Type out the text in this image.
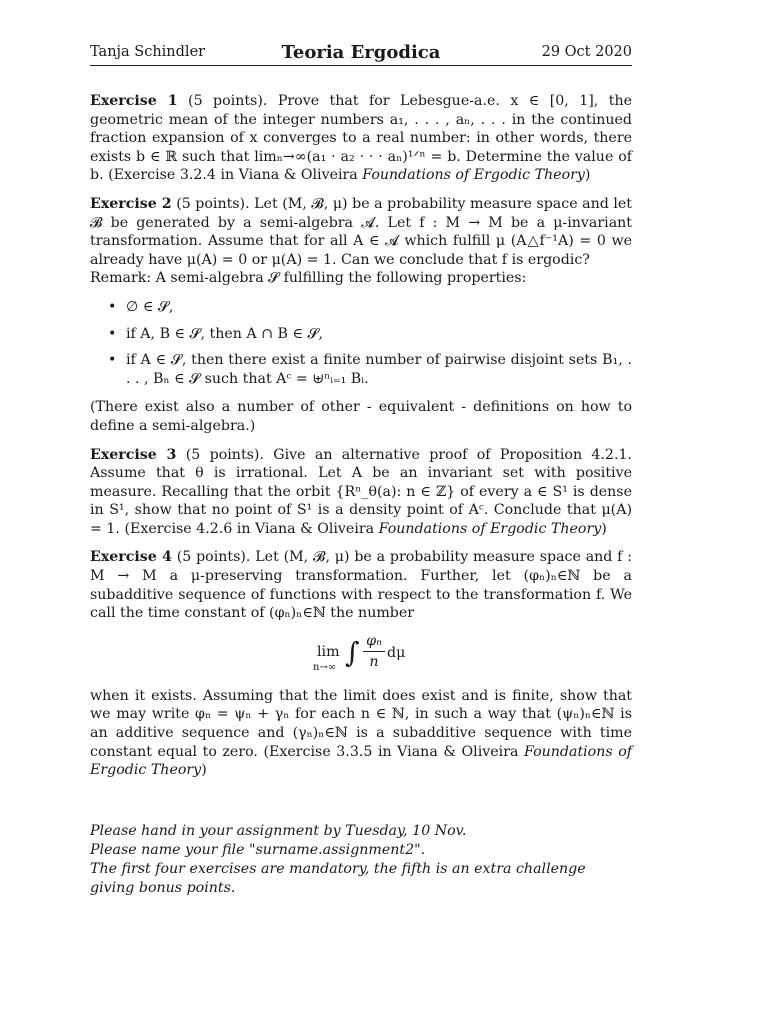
Tanja Schindler	Teoria Ergodica	29 Oct 2020

Exercise 1 (5 points). Prove that for Lebesgue-a.e. x ∈ [0, 1], the geometric mean of the integer numbers a₁, . . . , aₙ, . . . in the continued fraction expansion of x converges to a real number: in other words, there exists b ∈ ℝ such that limₙ→∞(a₁ · a₂ · · · aₙ)¹ᐟⁿ = b. Determine the value of b. (Exercise 3.2.4 in Viana & Oliveira Foundations of Ergodic Theory)

Exercise 2 (5 points). Let (M, 𝓑, μ) be a probability measure space and let 𝓑 be generated by a semi-algebra 𝓐. Let f : M → M be a μ-invariant transformation. Assume that for all A ∈ 𝓐 which fulfill μ (A△f⁻¹A) = 0 we already have μ(A) = 0 or μ(A) = 1. Can we conclude that f is ergodic?

Remark: A semi-algebra 𝓢 fulfilling the following properties:

• ∅ ∈ 𝓢,
• if A, B ∈ 𝓢, then A ∩ B ∈ 𝓢,
• if A ∈ 𝓢, then there exist a finite number of pairwise disjoint sets B₁, . . . , Bₙ ∈ 𝓢 such that Aᶜ = ⊎ⁿᵢ₌₁ Bᵢ.

(There exist also a number of other - equivalent - definitions on how to define a semi-algebra.)

Exercise 3 (5 points). Give an alternative proof of Proposition 4.2.1. Assume that θ is irrational. Let A be an invariant set with positive measure. Recalling that the orbit {Rⁿ_θ(a): n ∈ ℤ} of every a ∈ S¹ is dense in S¹, show that no point of S¹ is a density point of Aᶜ. Conclude that μ(A) = 1. (Exercise 4.2.6 in Viana & Oliveira Foundations of Ergodic Theory)

Exercise 4 (5 points). Let (M, 𝓑, μ) be a probability measure space and f : M → M a μ-preserving transformation. Further, let (φₙ)ₙ∈ℕ be a subadditive sequence of functions with respect to the transformation f. We call the time constant of (φₙ)ₙ∈ℕ the number

lim
n→∞ ∫ φₙ
n
dμ

when it exists. Assuming that the limit does exist and is finite, show that we may write φₙ = ψₙ + γₙ for each n ∈ ℕ, in such a way that (ψₙ)ₙ∈ℕ is an additive sequence and (γₙ)ₙ∈ℕ is a subadditive sequence with time constant equal to zero. (Exercise 3.3.5 in Viana & Oliveira Foundations of Ergodic Theory)

Please hand in your assignment by Tuesday, 10 Nov.

Please name your file "surname.assignment2".

The first four exercises are mandatory, the fifth is an extra challenge giving bonus points.
